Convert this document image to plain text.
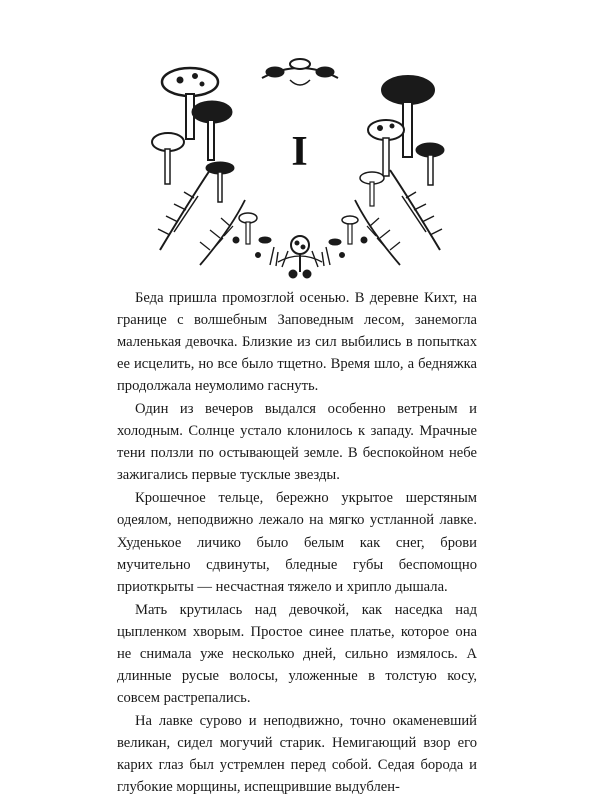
I

Беда пришла промозглой осенью. В деревне Кихт, на границе с волшебным Заповедным лесом, занемогла маленькая девочка. Близкие из сил выбились в попытках ее исцелить, но все было тщетно. Время шло, а бедняжка продолжала неумолимо гаснуть.

Один из вечеров выдался особенно ветреным и холодным. Солнце устало клонилось к западу. Мрачные тени ползли по остывающей земле. В беспокойном небе зажигались первые тусклые звезды.

Крошечное тельце, бережно укрытое шерстяным одеялом, неподвижно лежало на мягко устланной лавке. Худенькое личико было белым как снег, брови мучительно сдвинуты, бледные губы беспомощно приоткрыты — несчастная тяжело и хрипло дышала.

Мать крутилась над девочкой, как наседка над цыпленком хворым. Простое синее платье, которое она не снимала уже несколько дней, сильно измялось. А длинные русые волосы, уложенные в толстую косу, совсем растрепались.

На лавке сурово и неподвижно, точно окаменевший великан, сидел могучий старик. Немигающий взор его карих глаз был устремлен перед собой. Седая борода и глубокие морщины, испещрившие выдублен-
